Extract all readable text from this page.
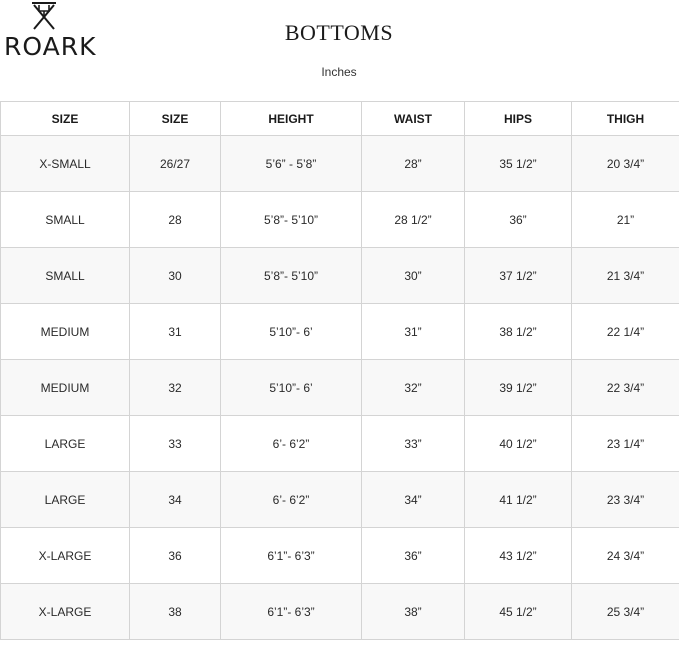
ROARK	BOTTOMS
Inches
SIZE	SIZE	HEIGHT	WAIST	HIPS	THIGH
X-SMALL	26/27	5’6” - 5’8”	28”	35 1/2”	20 3/4”
SMALL	28	5’8”- 5’10”	28 1/2”	36”	21”
SMALL	30	5’8”- 5’10”	30”	37 1/2”	21 3/4”
MEDIUM	31	5’10”- 6’	31”	38 1/2”	22 1/4”
MEDIUM	32	5’10”- 6’	32”	39 1/2”	22 3/4”
LARGE	33	6’- 6’2”	33”	40 1/2”	23 1/4”
LARGE	34	6’- 6’2”	34”	41 1/2”	23 3/4”
X-LARGE	36	6’1”- 6’3”	36”	43 1/2”	24 3/4”
X-LARGE	38	6’1”- 6’3”	38”	45 1/2”	25 3/4”
